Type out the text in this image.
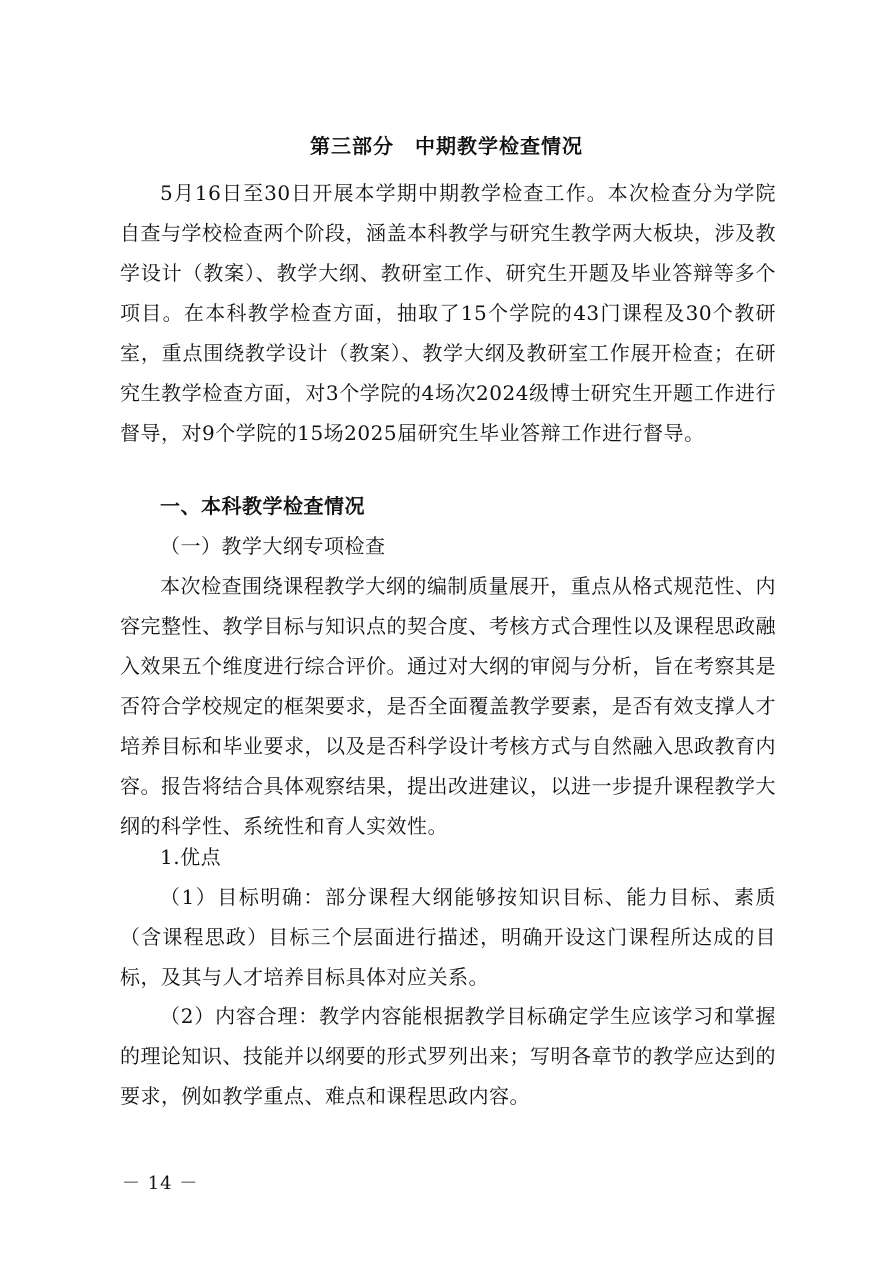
第三部分　中期教学检查情况

5月16日至30日开展本学期中期教学检查工作。本次检查分为学院自查与学校检查两个阶段，涵盖本科教学与研究生教学两大板块，涉及教学设计（教案）、教学大纲、教研室工作、研究生开题及毕业答辩等多个项目。在本科教学检查方面，抽取了15个学院的43门课程及30个教研室，重点围绕教学设计（教案）、教学大纲及教研室工作展开检查；在研究生教学检查方面，对3个学院的4场次2024级博士研究生开题工作进行督导，对9个学院的15场2025届研究生毕业答辩工作进行督导。

一、本科教学检查情况

（一）教学大纲专项检查

本次检查围绕课程教学大纲的编制质量展开，重点从格式规范性、内容完整性、教学目标与知识点的契合度、考核方式合理性以及课程思政融入效果五个维度进行综合评价。通过对大纲的审阅与分析，旨在考察其是否符合学校规定的框架要求，是否全面覆盖教学要素，是否有效支撑人才培养目标和毕业要求，以及是否科学设计考核方式与自然融入思政教育内容。报告将结合具体观察结果，提出改进建议，以进一步提升课程教学大纲的科学性、系统性和育人实效性。

1.优点

（1）目标明确：部分课程大纲能够按知识目标、能力目标、素质（含课程思政）目标三个层面进行描述，明确开设这门课程所达成的目标，及其与人才培养目标具体对应关系。

（2）内容合理：教学内容能根据教学目标确定学生应该学习和掌握的理论知识、技能并以纲要的形式罗列出来；写明各章节的教学应达到的要求，例如教学重点、难点和课程思政内容。

－ 14 －
